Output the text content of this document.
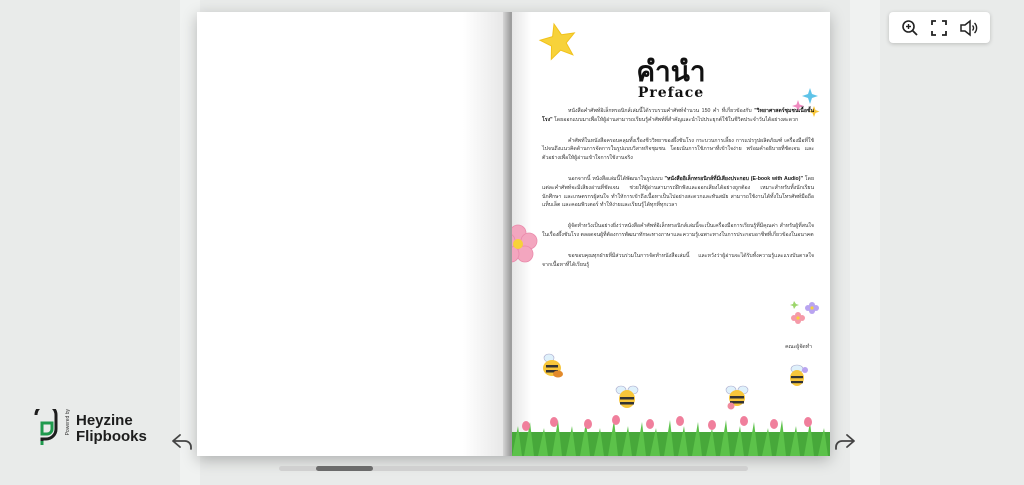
คำนำ
Preface

หนังสือคำศัพท์อิเล็กทรอนิกส์เล่มนี้ได้รวบรวมคำศัพท์จำนวน 150 คำ ที่เกี่ยวข้องกับ "วิทยาศาสตร์ชุมชนเนื้อชั้นโรง" โดยออกแบบมาเพื่อให้ผู้อ่านสามารถเรียนรู้คำศัพท์ที่สำคัญและนำไปประยุกต์ใช้ในชีวิตประจำวันได้อย่างสะดวก

คำศัพท์ในหนังสือครอบคลุมทั้งเรื่องชีววิทยาของผึ้งชันโรง กระบวนการเลี้ยง การแปรรูปผลิตภัณฑ์ เครื่องมือที่ใช้ ไปจนถึงแนวคิดด้านการจัดการในรูปแบบวิสาหกิจชุมชน โดยเน้นการใช้ภาษาที่เข้าใจง่าย พร้อมคำอธิบายที่ชัดเจน และตัวอย่างเพื่อให้ผู้อ่านเข้าใจการใช้งานจริง

นอกจากนี้ หนังสือเล่มนี้ได้พัฒนาในรูปแบบ "หนังสืออิเล็กทรอนิกส์ที่มีเสียงประกอบ (E-book with Audio)" โดยแต่ละคำศัพท์จะมีเสียงอ่านที่ชัดเจน ช่วยให้ผู้อ่านสามารถฝึกฟังและออกเสียงได้อย่างถูกต้อง เหมาะสำหรับทั้งนักเรียน นักศึกษา และเกษตรกรผู้สนใจ ทำให้การเข้าถึงเนื้อหาเป็นไปอย่างสะดวกและทันสมัย สามารถใช้งานได้ทั้งในโทรศัพท์มือถือ แท็บเล็ต และคอมพิวเตอร์ ทำให้ง่ายและเรียนรู้ได้ทุกที่ทุกเวลา

ผู้จัดทำหวังเป็นอย่างยิ่งว่าหนังสือคำศัพท์อิเล็กทรอนิกส์เล่มนี้จะเป็นเครื่องมือการเรียนรู้ที่มีคุณค่า สำหรับผู้ที่สนใจในเรื่องผึ้งชันโรง ตลอดจนผู้ที่ต้องการพัฒนาทักษะทางภาษาและความรู้เฉพาะทางในการประกอบอาชีพที่เกี่ยวข้องในอนาคต

ขอขอบคุณทุกฝ่ายที่มีส่วนร่วมในการจัดทำหนังสือเล่มนี้ และหวังว่าผู้อ่านจะได้รับทั้งความรู้และแรงบันดาลใจจากเนื้อหาที่ได้เรียนรู้

คณะผู้จัดทำ
Heyzine
Flipbooks
Powered by
